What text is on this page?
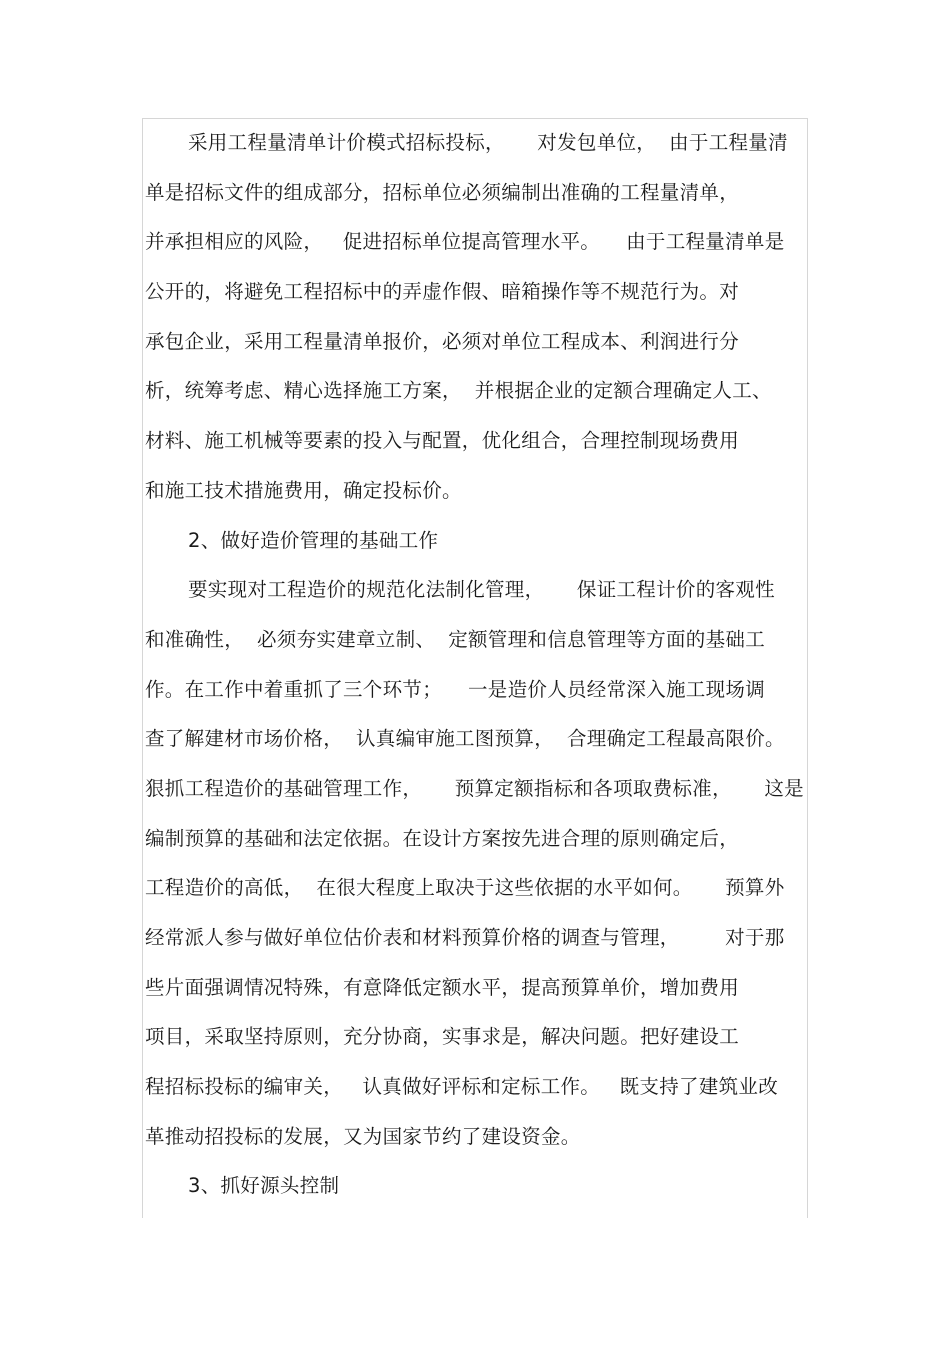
采用工程量清单计价模式招标投标，     对发包单位，  由于工程量清
单是招标文件的组成部分，招标单位必须编制出准确的工程量清单，
并承担相应的风险，   促进招标单位提高管理水平。    由于工程量清单是
公开的，将避免工程招标中的弄虚作假、暗箱操作等不规范行为。对
承包企业，采用工程量清单报价，必须对单位工程成本、利润进行分
析，统筹考虑、精心选择施工方案，  并根据企业的定额合理确定人工、
材料、施工机械等要素的投入与配置，优化组合，合理控制现场费用
和施工技术措施费用，确定投标价。
2、做好造价管理的基础工作
要实现对工程造价的规范化法制化管理，     保证工程计价的客观性
和准确性，  必须夯实建章立制、  定额管理和信息管理等方面的基础工
作。在工作中着重抓了三个环节；    一是造价人员经常深入施工现场调
查了解建材市场价格，  认真编审施工图预算，  合理确定工程最高限价。
狠抓工程造价的基础管理工作，     预算定额指标和各项取费标准，     这是
编制预算的基础和法定依据。在设计方案按先进合理的原则确定后，
工程造价的高低，  在很大程度上取决于这些依据的水平如何。     预算外
经常派人参与做好单位估价表和材料预算价格的调查与管理，       对于那
些片面强调情况特殊，有意降低定额水平，提高预算单价，增加费用
项目，采取坚持原则，充分协商，实事求是，解决问题。把好建设工
程招标投标的编审关，   认真做好评标和定标工作。   既支持了建筑业改
革推动招投标的发展，又为国家节约了建设资金。
3、抓好源头控制
